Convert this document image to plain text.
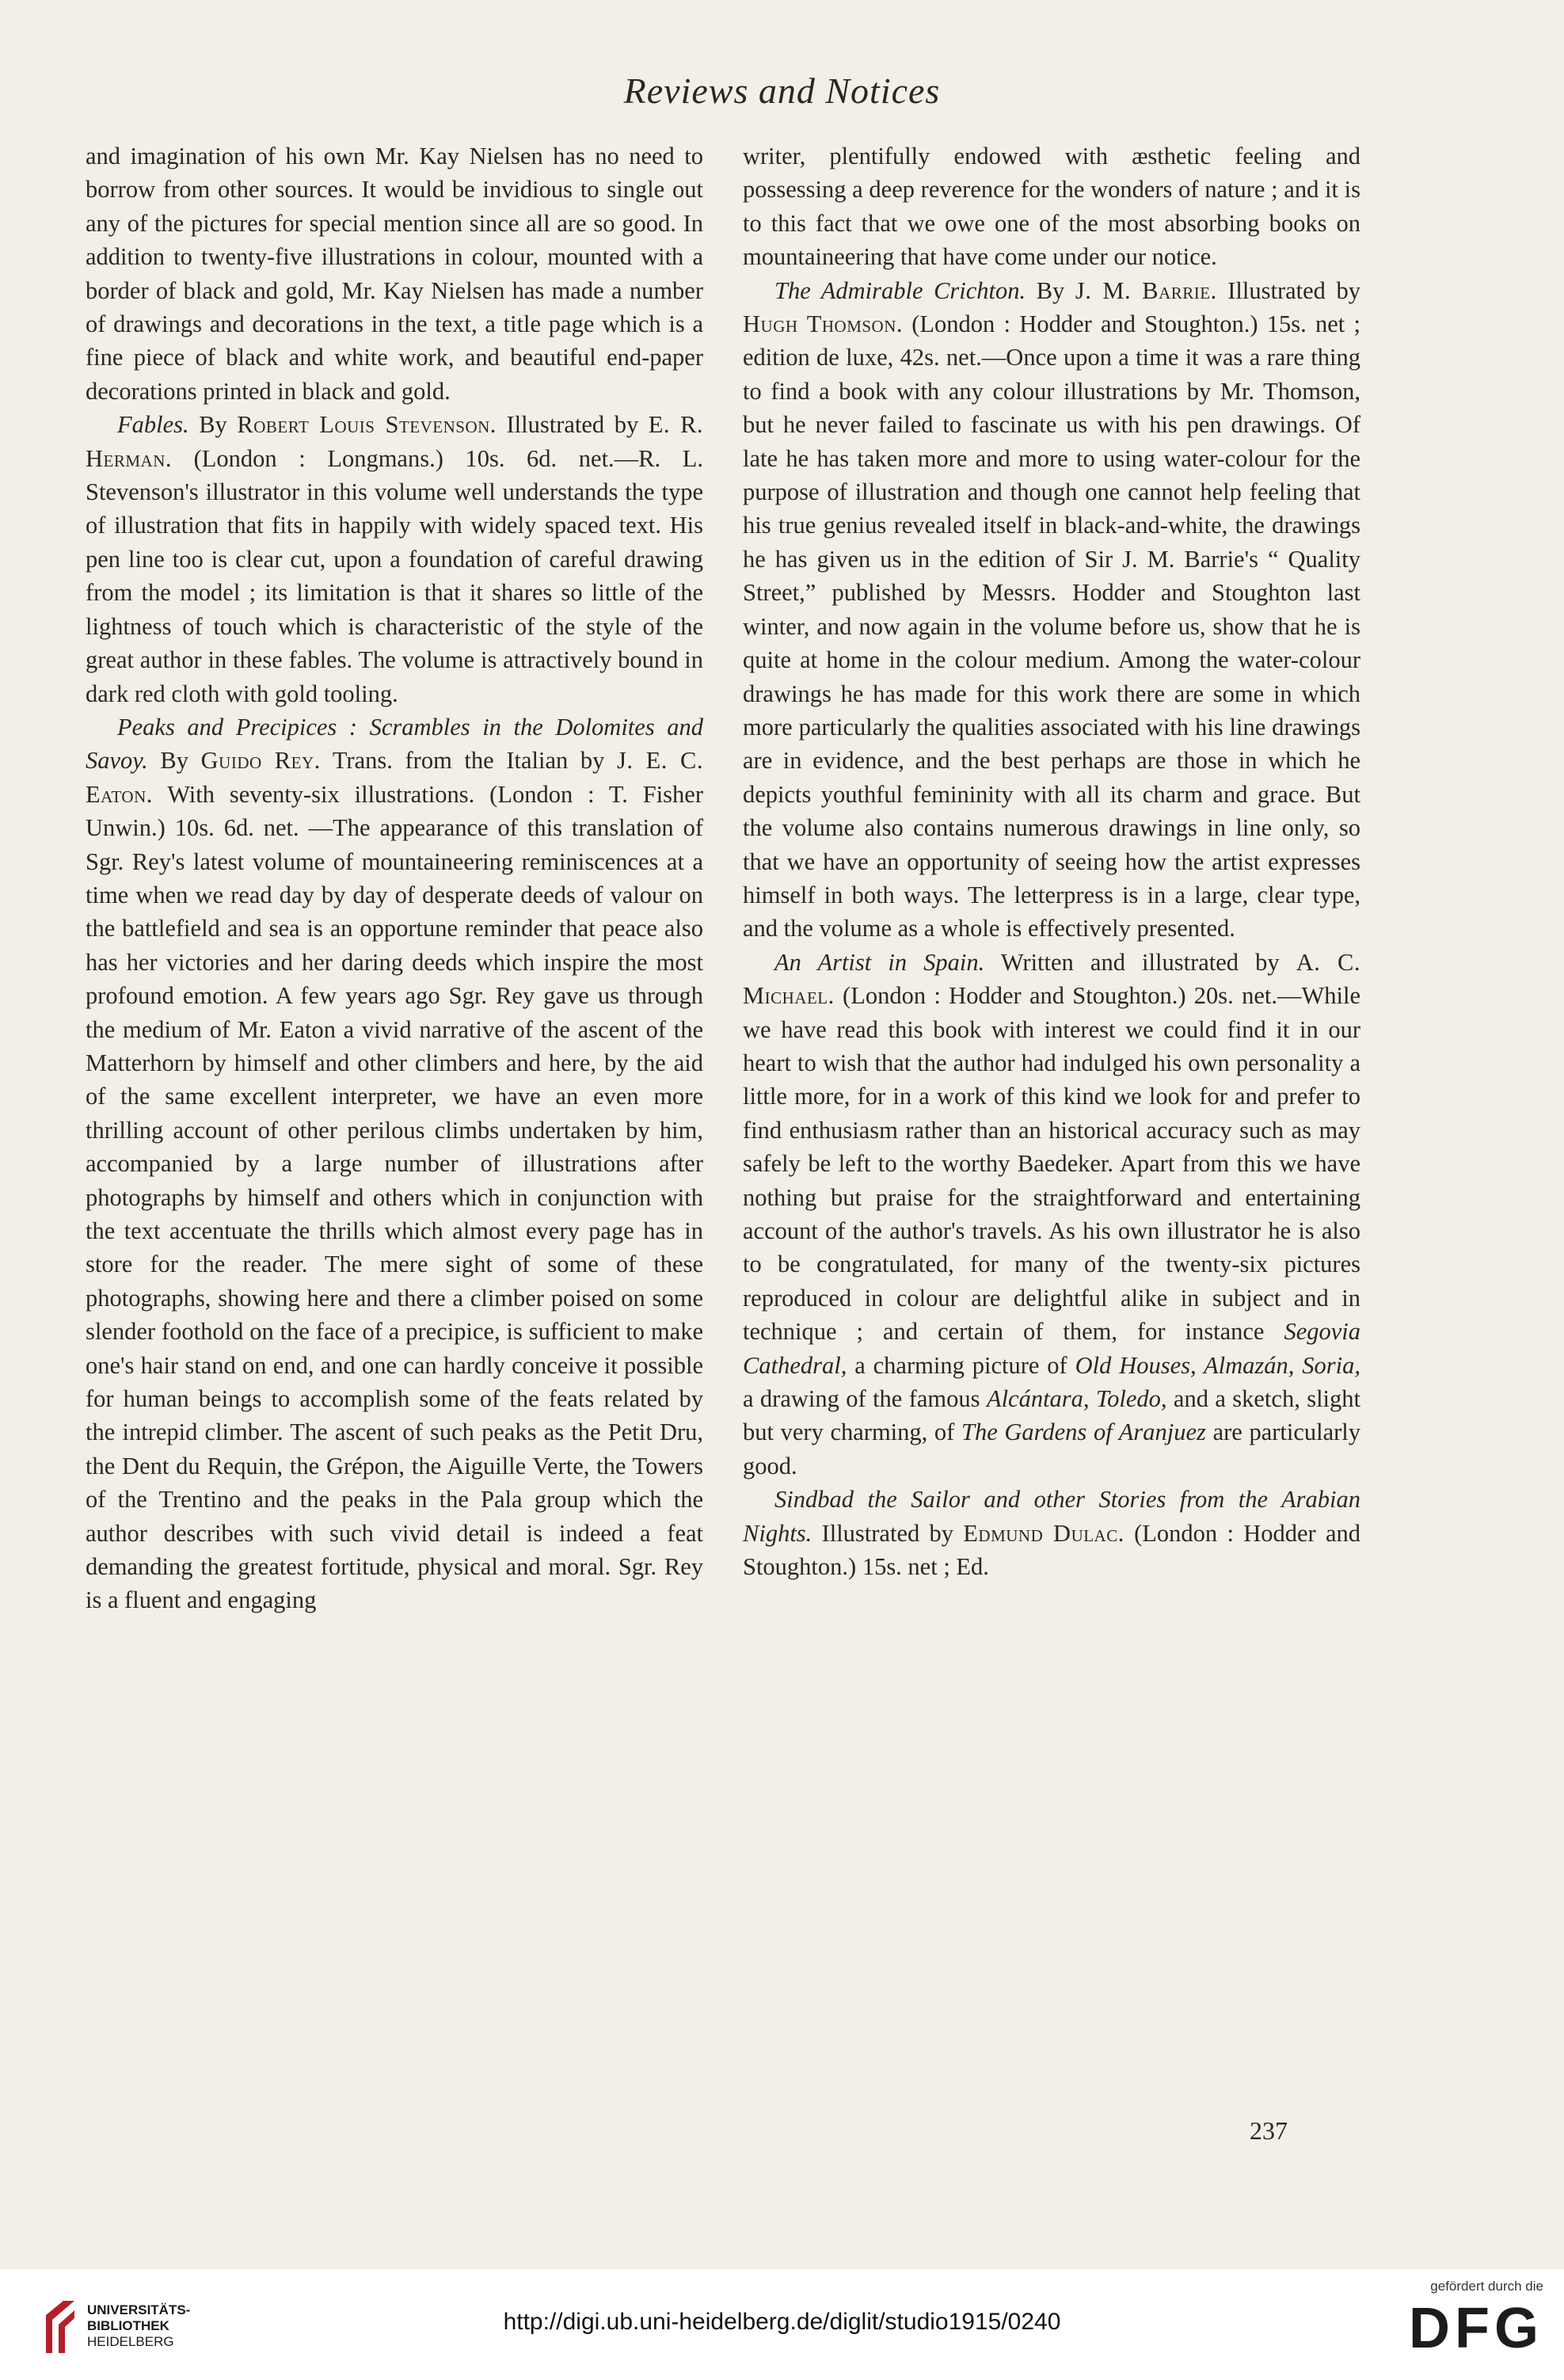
Reviews and Notices

and imagination of his own Mr. Kay Nielsen has no need to borrow from other sources. It would be invidious to single out any of the pictures for special mention since all are so good. In addition to twenty-five illustrations in colour, mounted with a border of black and gold, Mr. Kay Nielsen has made a number of drawings and decorations in the text, a title page which is a fine piece of black and white work, and beautiful end-paper decorations printed in black and gold.

Fables. By Robert Louis Stevenson. Illustrated by E. R. Herman. (London : Longmans.) 10s. 6d. net.—R. L. Stevenson's illustrator in this volume well understands the type of illustration that fits in happily with widely spaced text. His pen line too is clear cut, upon a foundation of careful drawing from the model ; its limitation is that it shares so little of the lightness of touch which is characteristic of the style of the great author in these fables. The volume is attractively bound in dark red cloth with gold tooling.

Peaks and Precipices : Scrambles in the Dolomites and Savoy. By Guido Rey. Trans. from the Italian by J. E. C. Eaton. With seventy-six illustrations. (London : T. Fisher Unwin.) 10s. 6d. net. —The appearance of this translation of Sgr. Rey's latest volume of mountaineering reminiscences at a time when we read day by day of desperate deeds of valour on the battlefield and sea is an opportune reminder that peace also has her victories and her daring deeds which inspire the most profound emotion. A few years ago Sgr. Rey gave us through the medium of Mr. Eaton a vivid narrative of the ascent of the Matterhorn by himself and other climbers and here, by the aid of the same excellent interpreter, we have an even more thrilling account of other perilous climbs undertaken by him, accompanied by a large number of illustrations after photographs by himself and others which in conjunction with the text accentuate the thrills which almost every page has in store for the reader. The mere sight of some of these photographs, showing here and there a climber poised on some slender foothold on the face of a precipice, is sufficient to make one's hair stand on end, and one can hardly conceive it possible for human beings to accomplish some of the feats related by the intrepid climber. The ascent of such peaks as the Petit Dru, the Dent du Requin, the Grépon, the Aiguille Verte, the Towers of the Trentino and the peaks in the Pala group which the author describes with such vivid detail is indeed a feat demanding the greatest fortitude, physical and moral. Sgr. Rey is a fluent and engaging

writer, plentifully endowed with æsthetic feeling and possessing a deep reverence for the wonders of nature ; and it is to this fact that we owe one of the most absorbing books on mountaineering that have come under our notice.

The Admirable Crichton. By J. M. Barrie. Illustrated by Hugh Thomson. (London : Hodder and Stoughton.) 15s. net ; edition de luxe, 42s. net.—Once upon a time it was a rare thing to find a book with any colour illustrations by Mr. Thomson, but he never failed to fascinate us with his pen drawings. Of late he has taken more and more to using water-colour for the purpose of illustration and though one cannot help feeling that his true genius revealed itself in black-and-white, the drawings he has given us in the edition of Sir J. M. Barrie's “ Quality Street,” published by Messrs. Hodder and Stoughton last winter, and now again in the volume before us, show that he is quite at home in the colour medium. Among the water-colour drawings he has made for this work there are some in which more particularly the qualities associated with his line drawings are in evidence, and the best perhaps are those in which he depicts youthful femininity with all its charm and grace. But the volume also contains numerous drawings in line only, so that we have an opportunity of seeing how the artist expresses himself in both ways. The letterpress is in a large, clear type, and the volume as a whole is effectively presented.

An Artist in Spain. Written and illustrated by A. C. Michael. (London : Hodder and Stoughton.) 20s. net.—While we have read this book with interest we could find it in our heart to wish that the author had indulged his own personality a little more, for in a work of this kind we look for and prefer to find enthusiasm rather than an historical accuracy such as may safely be left to the worthy Baedeker. Apart from this we have nothing but praise for the straightforward and entertaining account of the author's travels. As his own illustrator he is also to be congratulated, for many of the twenty-six pictures reproduced in colour are delightful alike in subject and in technique ; and certain of them, for instance Segovia Cathedral, a charming picture of Old Houses, Almazán, Soria, a drawing of the famous Alcántara, Toledo, and a sketch, slight but very charming, of The Gardens of Aranjuez are particularly good.

Sindbad the Sailor and other Stories from the Arabian Nights. Illustrated by Edmund Dulac. (London : Hodder and Stoughton.) 15s. net ; Ed.

237
UNIVERSITÄTS-
BIBLIOTHEK
HEIDELBERG
http://digi.ub.uni-heidelberg.de/diglit/studio1915/0240
gefördert durch die
DFG
